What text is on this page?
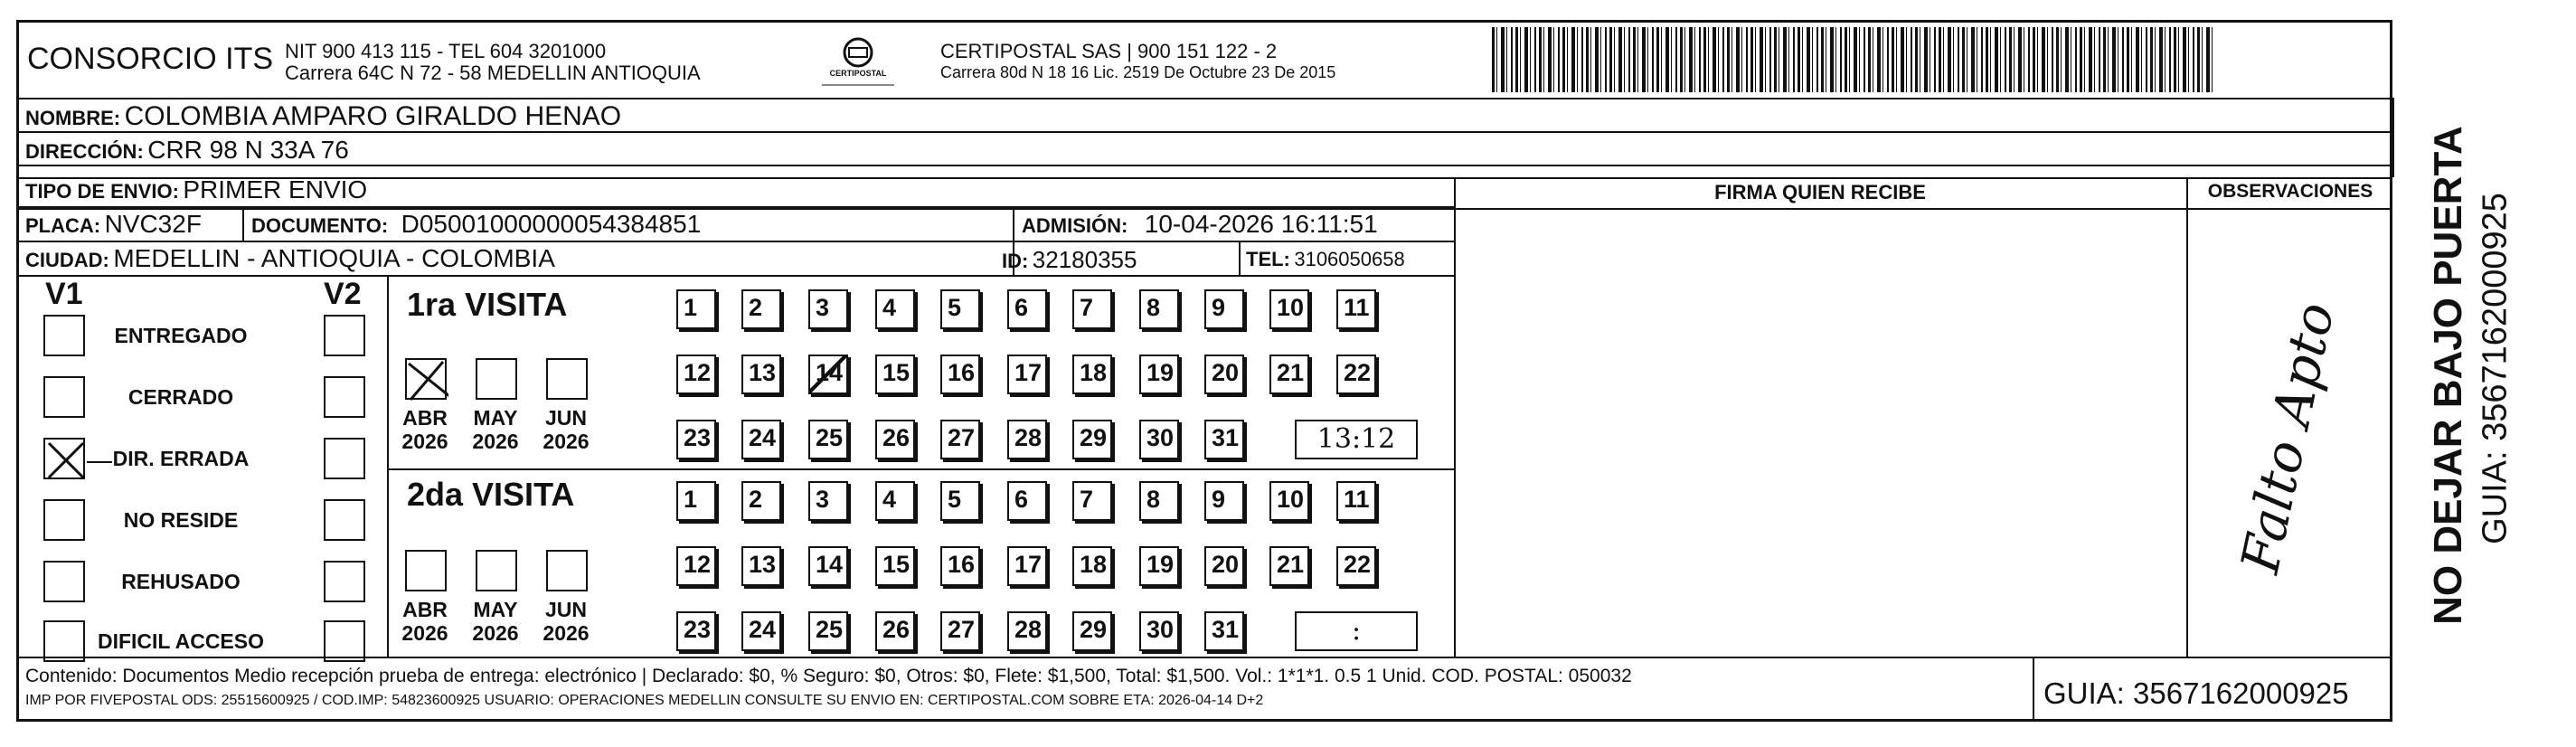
CONSORCIO ITS NIT 900 413 115 - TEL 604 3201000
Carrera 64C N 72 - 58 MEDELLIN ANTIOQUIA	CERTIPOSTAL
CERTIPOSTAL SAS | 900 151 122 - 2
Carrera 80d N 18 16 Lic. 2519 De Octubre 23 De 2015
NOMBRE: COLOMBIA AMPARO GIRALDO HENAO
DIRECCIÓN: CRR 98 N 33A 76
TIPO DE ENVIO: PRIMER ENVIO
PLACA: NVC32F	DOCUMENTO: D05001000000054384851	ADMISIÓN: 10-04-2026 16:11:51
CIUDAD: MEDELLIN - ANTIOQUIA - COLOMBIA	ID: 32180355	TEL: 3106050658
FIRMA QUIEN RECIBE	OBSERVACIONES
V1	V2 1ra VISITA
2da VISITA	Falto Apto
Contenido: Documentos Medio recepción prueba de entrega: electrónico | Declarado: $0, % Seguro: $0, Otros: $0, Flete: $1,500, Total: $1,500. Vol.: 1*1*1. 0.5 1 Unid. COD. POSTAL: 050032
IMP POR FIVEPOSTAL ODS: 25515600925 / COD.IMP: 54823600925 USUARIO: OPERACIONES MEDELLIN CONSULTE SU ENVIO EN: CERTIPOSTAL.COM SOBRE ETA: 2026-04-14 D+2	GUIA: 3567162000925
NO DEJAR BAJO PUERTA GUIA: 3567162000925
ENTREGADO
CERRADO
DIR. ERRADA
NO RESIDE
REHUSADO
DIFICIL ACCESO
ABR
2026
MAY
2026
JUN
2026
1	2	3	4	5	6	7	8	9	10 11
12 13 14 15 16 17 18 19 20 21 22
23 24 25 26 27 28 29 30 31	13:12
ABR
2026
MAY
2026
JUN
2026
1	2	3	4	5	6	7	8	9	10 11
12 13 14 15 16 17 18 19 20 21 22
23 24 25 26 27 28 29 30 31	:
